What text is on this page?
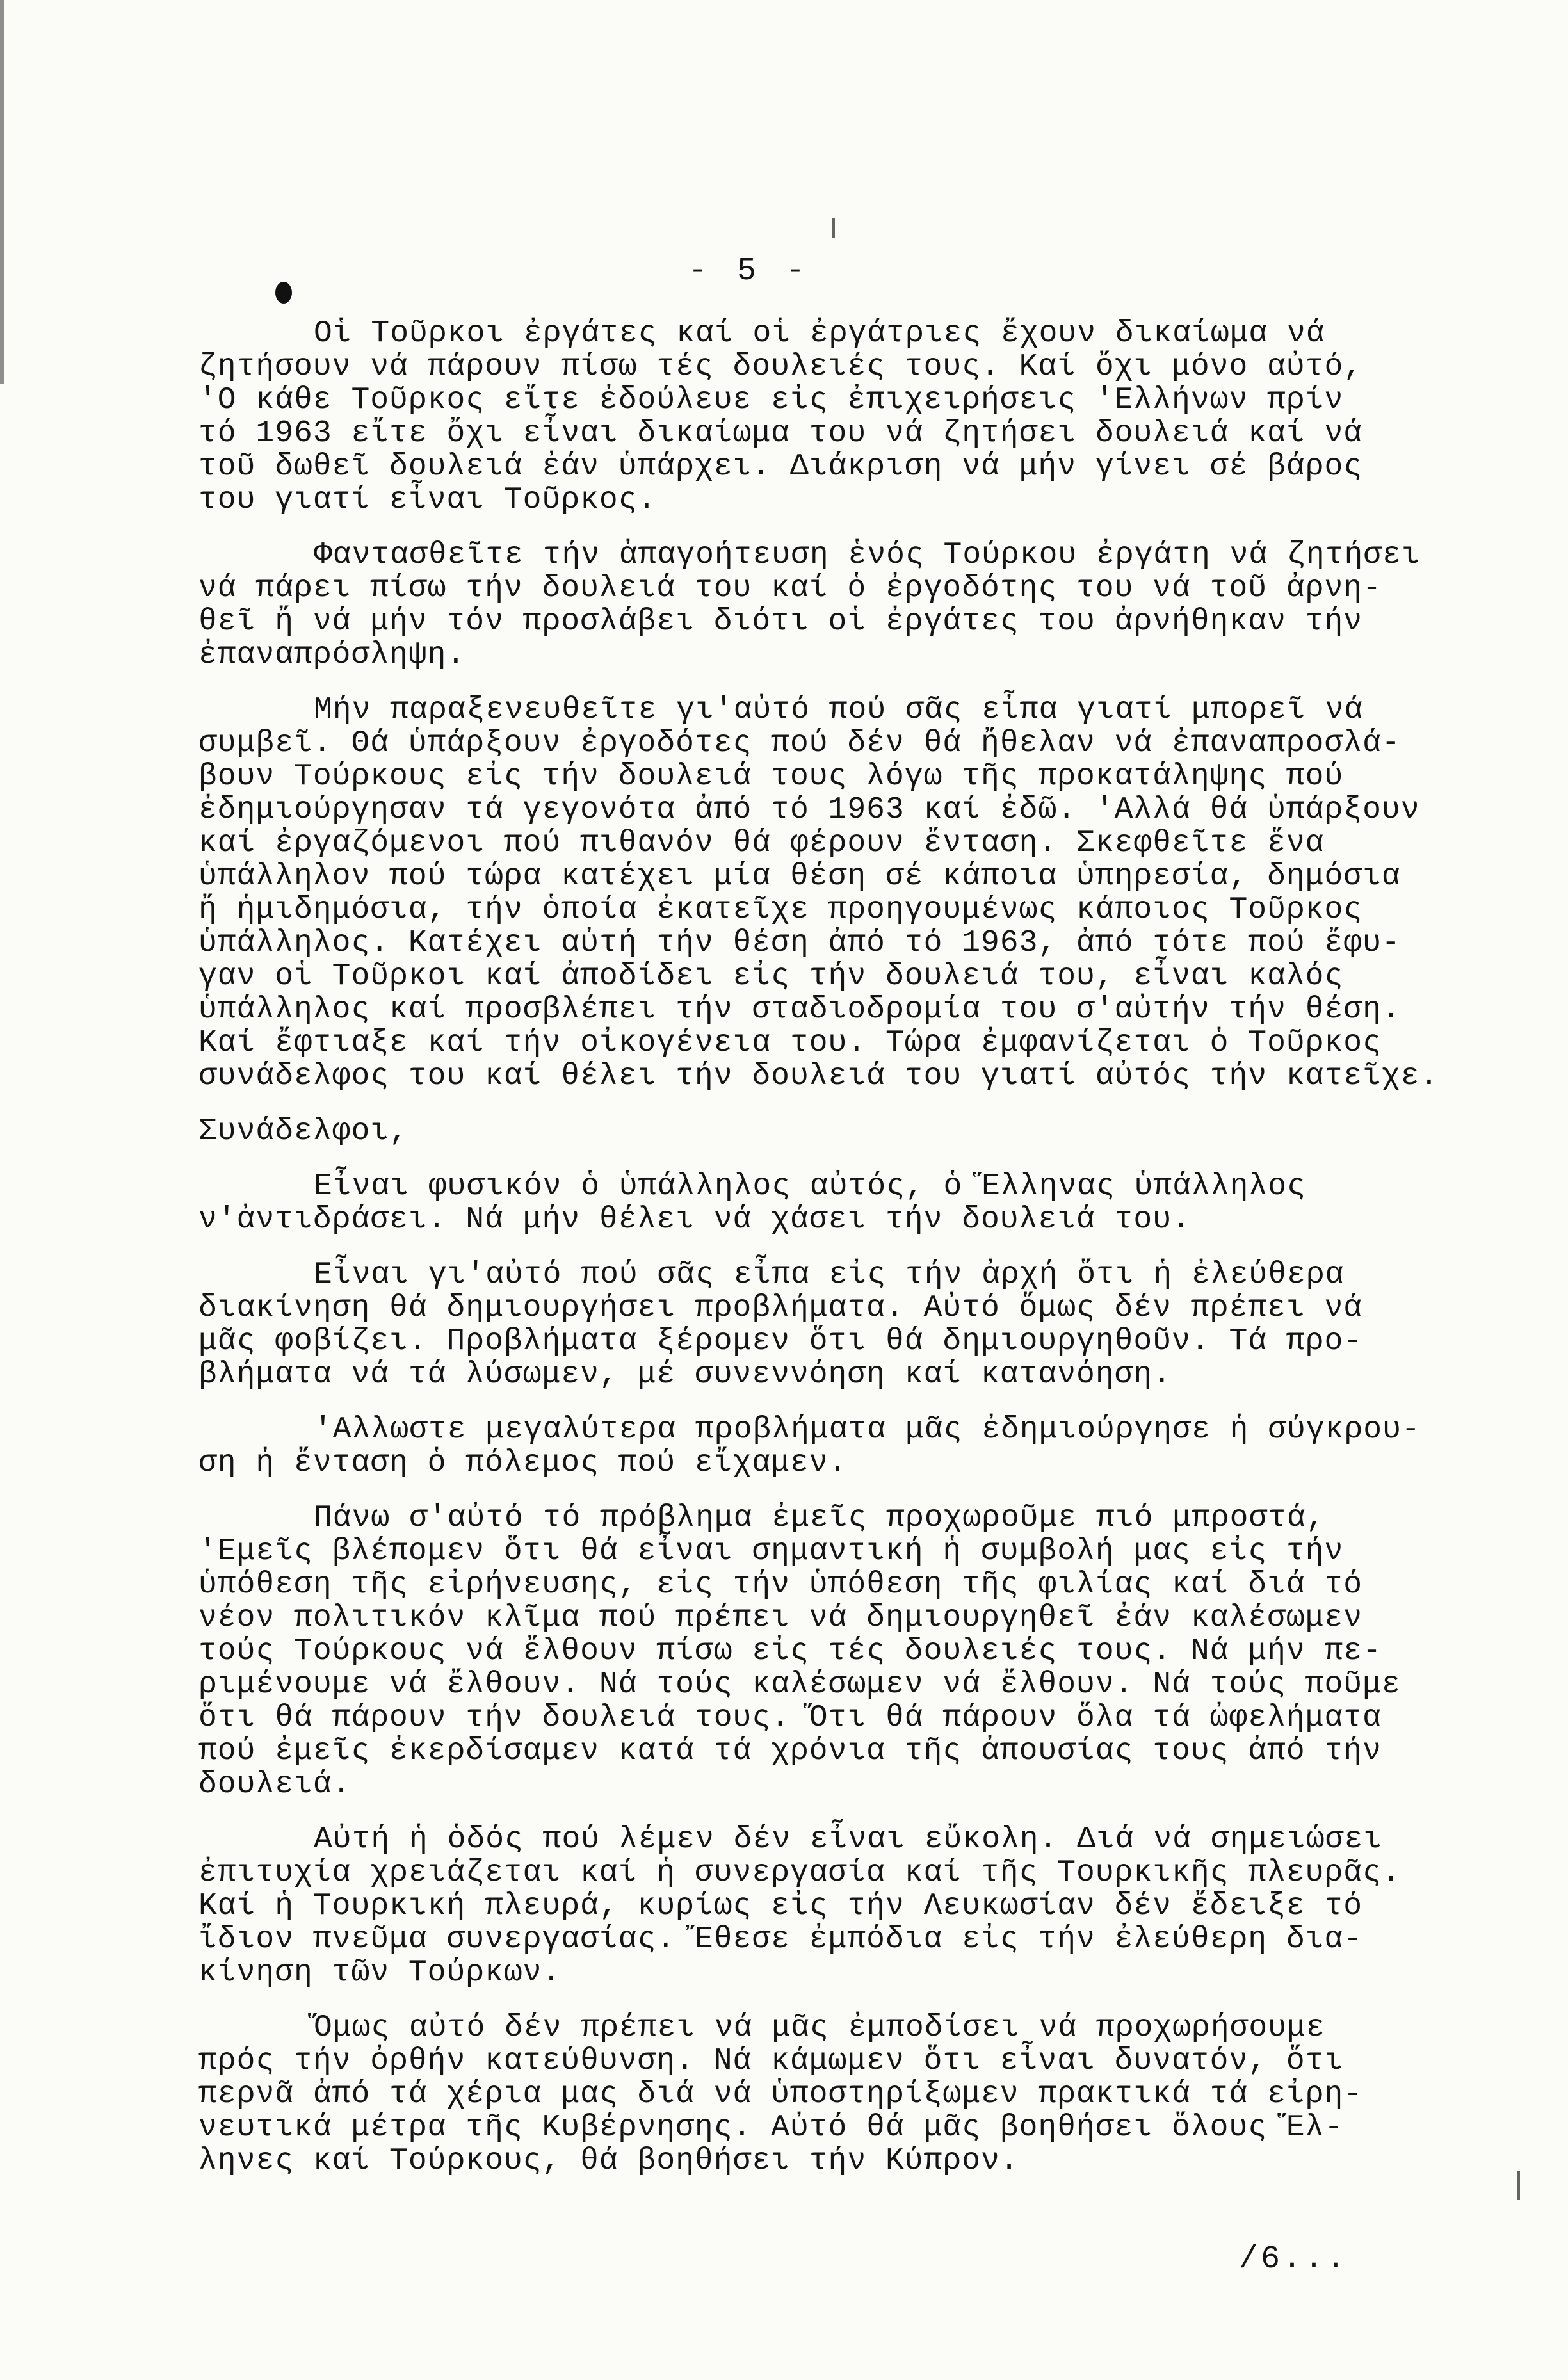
- 5 -
Οἱ Τοῦρκοι ἐργάτες καί οἱ ἐργάτριες ἔχουν δικαίωμα νά
ζητήσουν νά πάρουν πίσω τές δουλειές τους. Καί ὄχι μόνο αὐτό,
'Ο κάθε Τοῦρκος εἴτε ἐδούλευε εἰς ἐπιχειρήσεις 'Ελλήνων πρίν
τό 1963 εἴτε ὄχι εἶναι δικαίωμα του νά ζητήσει δουλειά καί νά
τοῦ δωθεῖ δουλειά ἐάν ὑπάρχει. Διάκριση νά μήν γίνει σέ βάρος
του γιατί εἶναι Τοῦρκος.
Φαντασθεῖτε τήν ἀπαγοήτευση ἑνός Τούρκου ἐργάτη νά ζητήσει
νά πάρει πίσω τήν δουλειά του καί ὁ ἐργοδότης του νά τοῦ ἀρνη-
θεῖ ἤ νά μήν τόν προσλάβει διότι οἱ ἐργάτες του ἀρνήθηκαν τήν
ἐπαναπρόσληψη.
Μήν παραξενευθεῖτε γι'αὐτό πού σᾶς εἶπα γιατί μπορεῖ νά
συμβεῖ. Θά ὑπάρξουν ἐργοδότες πού δέν θά ἤθελαν νά ἐπαναπροσλά-
βουν Τούρκους εἰς τήν δουλειά τους λόγω τῆς προκατάληψης πού
ἐδημιούργησαν τά γεγονότα ἀπό τό 1963 καί ἐδῶ. 'Αλλά θά ὑπάρξουν
καί ἐργαζόμενοι πού πιθανόν θά φέρουν ἔνταση. Σκεφθεῖτε ἕνα
ὑπάλληλον πού τώρα κατέχει μία θέση σέ κάποια ὑπηρεσία, δημόσια
ἤ ἡμιδημόσια, τήν ὁποία ἐκατεῖχε προηγουμένως κάποιος Τοῦρκος
ὑπάλληλος. Κατέχει αὐτή τήν θέση ἀπό τό 1963, ἀπό τότε πού ἔφυ-
γαν οἱ Τοῦρκοι καί ἀποδίδει εἰς τήν δουλειά του, εἶναι καλός
ὑπάλληλος καί προσβλέπει τήν σταδιοδρομία του σ'αὐτήν τήν θέση.
Καί ἔφτιαξε καί τήν οἰκογένεια του. Τώρα ἐμφανίζεται ὁ Τοῦρκος
συνάδελφος του καί θέλει τήν δουλειά του γιατί αὐτός τήν κατεῖχε.
Συνάδελφοι,
Εἶναι φυσικόν ὁ ὑπάλληλος αὐτός, ὁ Ἕλληνας ὑπάλληλος
ν'ἀντιδράσει. Νά μήν θέλει νά χάσει τήν δουλειά του.
Εἶναι γι'αὐτό πού σᾶς εἶπα εἰς τήν ἀρχή ὅτι ἡ ἐλεύθερα
διακίνηση θά δημιουργήσει προβλήματα. Αὐτό ὅμως δέν πρέπει νά
μᾶς φοβίζει. Προβλήματα ξέρομεν ὅτι θά δημιουργηθοῦν. Τά προ-
βλήματα νά τά λύσωμεν, μέ συνεννόηση καί κατανόηση.
'Αλλωστε μεγαλύτερα προβλήματα μᾶς ἐδημιούργησε ἡ σύγκρου-
ση ἡ ἔνταση ὁ πόλεμος πού εἴχαμεν.
Πάνω σ'αὐτό τό πρόβλημα ἐμεῖς προχωροῦμε πιό μπροστά,
'Εμεῖς βλέπομεν ὅτι θά εἶναι σημαντική ἡ συμβολή μας εἰς τήν
ὑπόθεση τῆς εἰρήνευσης, εἰς τήν ὑπόθεση τῆς φιλίας καί διά τό
νέον πολιτικόν κλῖμα πού πρέπει νά δημιουργηθεῖ ἐάν καλέσωμεν
τούς Τούρκους νά ἔλθουν πίσω εἰς τές δουλειές τους. Νά μήν πε-
ριμένουμε νά ἔλθουν. Νά τούς καλέσωμεν νά ἔλθουν. Νά τούς ποῦμε
ὅτι θά πάρουν τήν δουλειά τους. Ὅτι θά πάρουν ὅλα τά ὠφελήματα
πού ἐμεῖς ἐκερδίσαμεν κατά τά χρόνια τῆς ἀπουσίας τους ἀπό τήν
δουλειά.
Αὐτή ἡ ὁδός πού λέμεν δέν εἶναι εὔκολη. Διά νά σημειώσει
ἐπιτυχία χρειάζεται καί ἡ συνεργασία καί τῆς Τουρκικῆς πλευρᾶς.
Καί ἡ Τουρκική πλευρά, κυρίως εἰς τήν Λευκωσίαν δέν ἔδειξε τό
ἴδιον πνεῦμα συνεργασίας. Ἔθεσε ἐμπόδια εἰς τήν ἐλεύθερη δια-
κίνηση τῶν Τούρκων.
Ὅμως αὐτό δέν πρέπει νά μᾶς ἐμποδίσει νά προχωρήσουμε
πρός τήν ὀρθήν κατεύθυνση. Νά κάμωμεν ὅτι εἶναι δυνατόν, ὅτι
περνᾶ ἀπό τά χέρια μας διά νά ὑποστηρίξωμεν πρακτικά τά εἰρη-
νευτικά μέτρα τῆς Κυβέρνησης. Αὐτό θά μᾶς βοηθήσει ὅλους Ἕλ-
ληνες καί Τούρκους, θά βοηθήσει τήν Κύπρον.
/6...
